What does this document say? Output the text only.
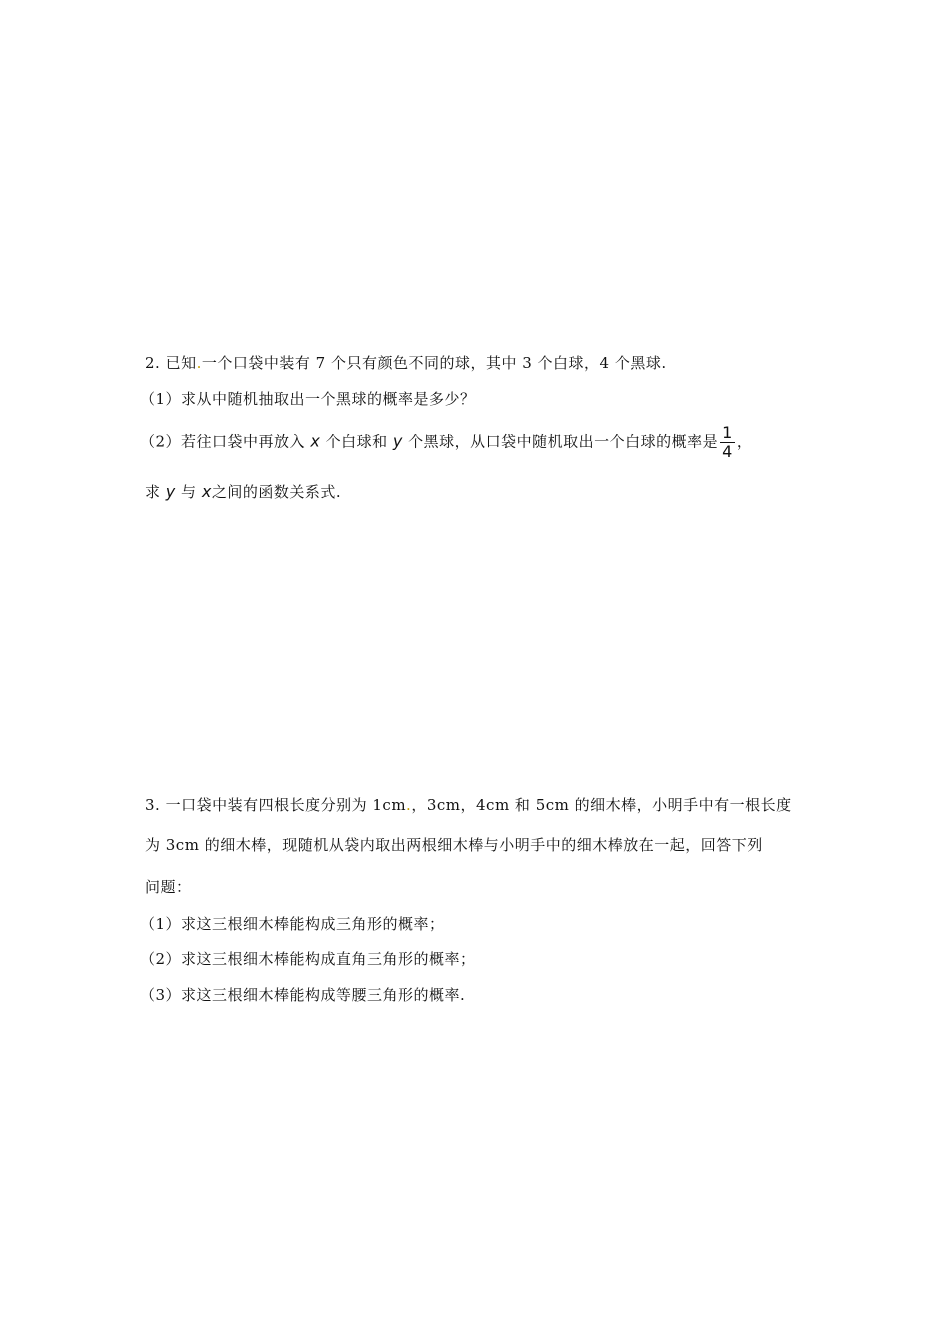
2. 已知.一个口袋中装有 7 个只有颜色不同的球，其中 3 个白球，4 个黑球.
（1）求从中随机抽取出一个黑球的概率是多少？
（2）若往口袋中再放入 x 个白球和 y 个黑球，从口袋中随机取出一个白球的概率是 $\frac{1}{4}$ ，
求 y 与 x之间的函数关系式.
3. 一口袋中装有四根长度分别为 1cm.，3cm，4cm 和 5cm 的细木棒，小明手中有一根长度
为 3cm 的细木棒，现随机从袋内取出两根细木棒与小明手中的细木棒放在一起，回答下列
问题：
（1）求这三根细木棒能构成三角形的概率；
（2）求这三根细木棒能构成直角三角形的概率；
（3）求这三根细木棒能构成等腰三角形的概率.
